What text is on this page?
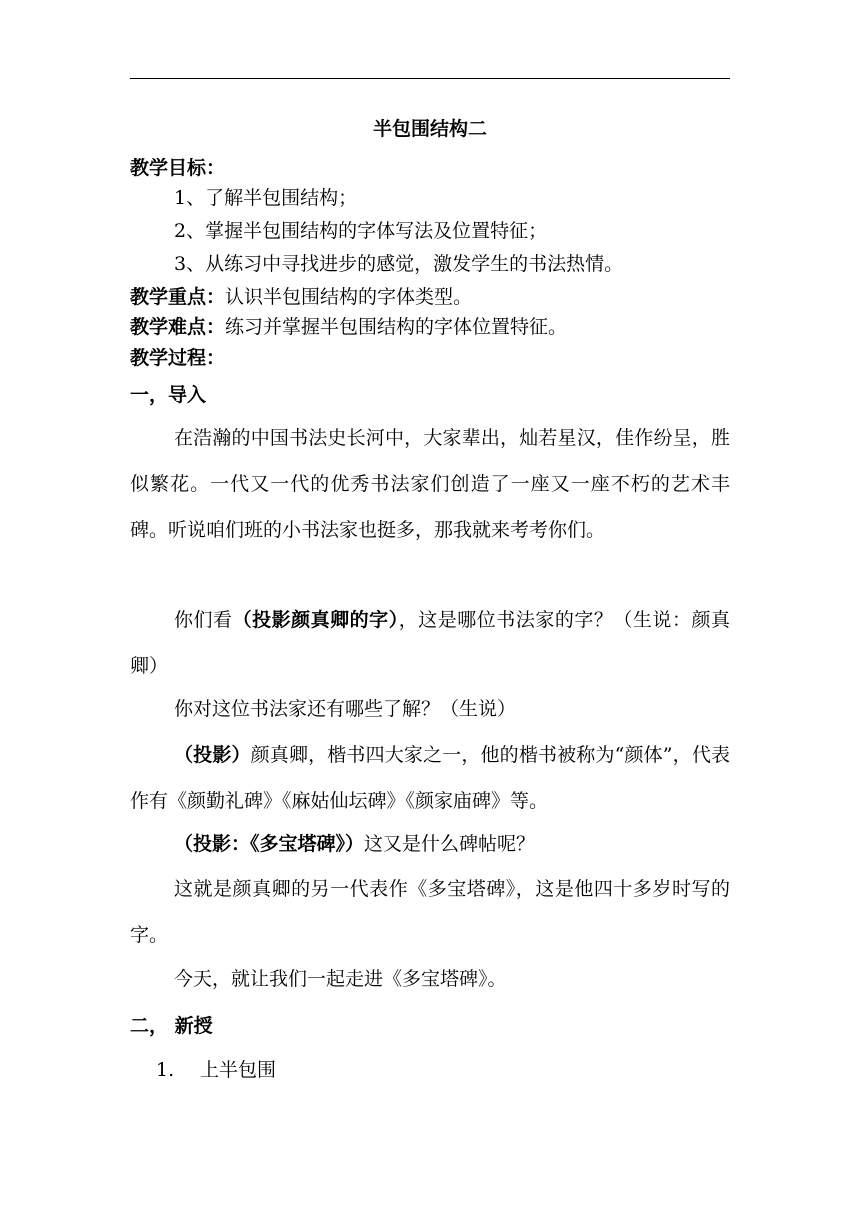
半包围结构二
教学目标：
1、了解半包围结构；
2、掌握半包围结构的字体写法及位置特征；
3、从练习中寻找进步的感觉，激发学生的书法热情。
教学重点：认识半包围结构的字体类型。
教学难点：练习并掌握半包围结构的字体位置特征。
教学过程：
一，导入
在浩瀚的中国书法史长河中，大家辈出，灿若星汉，佳作纷呈，胜似繁花。一代又一代的优秀书法家们创造了一座又一座不朽的艺术丰碑。听说咱们班的小书法家也挺多，那我就来考考你们。
你们看（投影颜真卿的字），这是哪位书法家的字？（生说：颜真卿）
你对这位书法家还有哪些了解？（生说）
（投影）颜真卿，楷书四大家之一，他的楷书被称为“颜体”，代表作有《颜勤礼碑》《麻姑仙坛碑》《颜家庙碑》等。
（投影：《多宝塔碑》）这又是什么碑帖呢？
这就是颜真卿的另一代表作《多宝塔碑》，这是他四十多岁时写的字。
今天，就让我们一起走进《多宝塔碑》。
二， 新授
1. 上半包围
